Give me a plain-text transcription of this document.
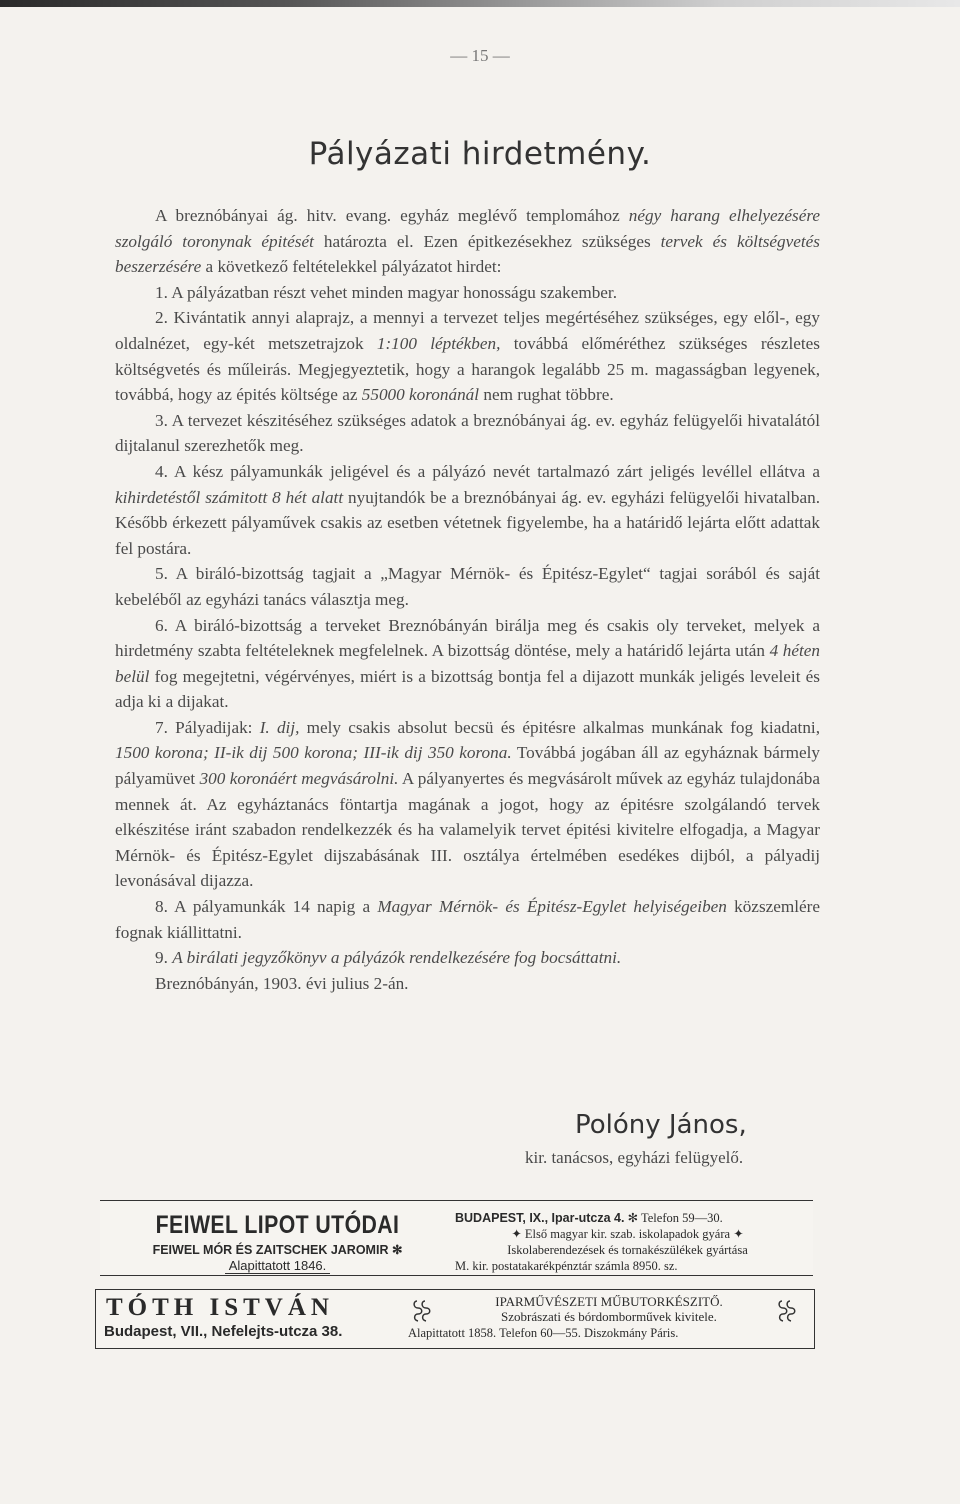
— 15 —
Pályázati hirdetmény.

A breznóbányai ág. hitv. evang. egyház meglévő templomához négy harang elhelyezésére szolgáló toronynak épitését határozta el. Ezen épitkezésekhez szükséges tervek és költségvetés beszerzésére a következő feltételekkel pályázatot hirdet:

1. A pályázatban részt vehet minden magyar honosságu szakember.

2. Kivántatik annyi alaprajz, a mennyi a tervezet teljes megértéséhez szükséges, egy elől-, egy oldalnézet, egy-két metszetrajzok 1:100 léptékben, továbbá előméréthez szükséges részletes költségvetés és műleirás. Megjegyeztetik, hogy a harangok legalább 25 m. magasságban legyenek, továbbá, hogy az épités költsége az 55000 koronánál nem rughat többre.

3. A tervezet készitéséhez szükséges adatok a breznóbányai ág. ev. egyház felügyelői hivatalától dijtalanul szerezhetők meg.

4. A kész pályamunkák jeligével és a pályázó nevét tartalmazó zárt jeligés levéllel ellátva a kihirdetéstől számitott 8 hét alatt nyujtandók be a breznóbányai ág. ev. egyházi felügyelői hivatalban. Később érkezett pályaművek csakis az esetben vétetnek figyelembe, ha a határidő lejárta előtt adattak fel postára.

5. A biráló-bizottság tagjait a „Magyar Mérnök- és Épitész-Egylet“ tagjai sorából és saját kebeléből az egyházi tanács választja meg.

6. A biráló-bizottság a terveket Breznóbányán birálja meg és csakis oly terveket, melyek a hirdetmény szabta feltételeknek megfelelnek. A bizottság döntése, mely a határidő lejárta után 4 héten belül fog megejtetni, végérvényes, miért is a bizottság bontja fel a dijazott munkák jeligés leveleit és adja ki a dijakat.

7. Pályadijak: I. dij, mely csakis absolut becsü és épitésre alkalmas munkának fog kiadatni, 1500 korona; II-ik dij 500 korona; III-ik dij 350 korona. Továbbá jogában áll az egyháznak bármely pályamüvet 300 koronáért megvásárolni. A pályanyertes és megvásárolt művek az egyház tulajdonába mennek át. Az egyháztanács föntartja magának a jogot, hogy az épitésre szolgálandó tervek elkészitése iránt szabadon rendelkezzék és ha valamelyik tervet épitési kivitelre elfogadja, a Magyar Mérnök- és Épitész-Egylet dijszabásának III. osztálya értelmében esedékes dijból, a pályadij levonásával dijazza.

8. A pályamunkák 14 napig a Magyar Mérnök- és Épitész-Egylet helyiségeiben közszemlére fognak kiállittatni.

9. A birálati jegyzőkönyv a pályázók rendelkezésére fog bocsáttatni.

Breznóbányán, 1903. évi julius 2-án.

Polóny János,
kir. tanácsos, egyházi felügyelő.
FEIWEL LIPOT UTÓDAI
FEIWEL MÓR ÉS ZAITSCHEK JAROMIR ✻
Alapittatott 1846.
BUDAPEST, IX., Ipar-utcza 4. ✻ Telefon 59—30.
✦ Első magyar kir. szab. iskolapadok gyára ✦
Iskolaberendezések és tornakészülékek gyártása
M. kir. postatakarékpénztár számla 8950. sz.
TÓTH ISTVÁN
Budapest, VII., Nefelejts-utcza 38.
IPARMŰVÉSZETI MŰBUTORKÉSZITŐ.
Szobrászati és bórdomborművek kivitele.
Alapittatott 1858. Telefon 60—55. Diszokmány Páris.
